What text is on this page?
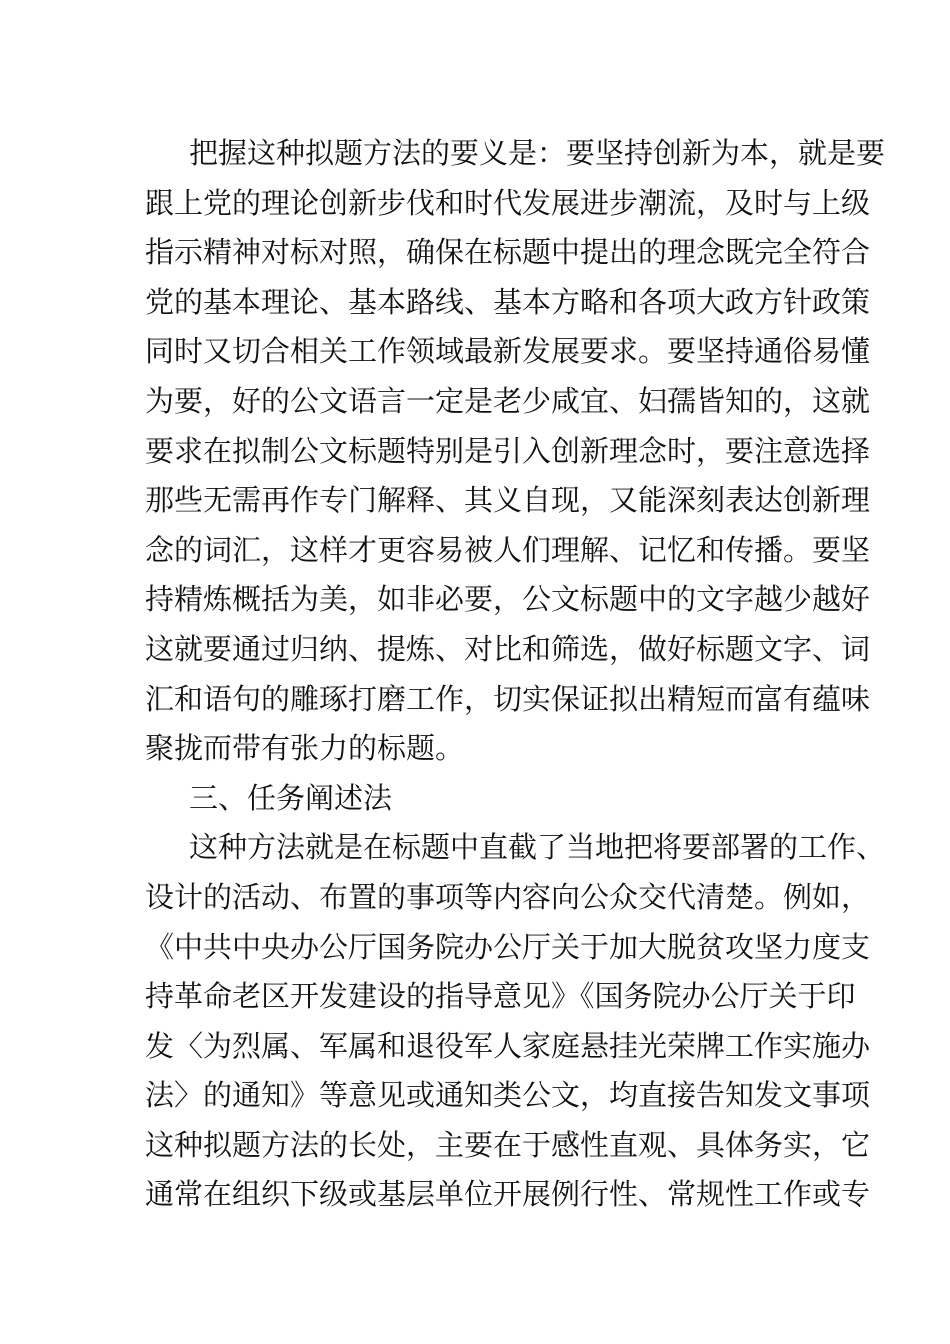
把握这种拟题方法的要义是：要坚持创新为本，就是要
跟上党的理论创新步伐和时代发展进步潮流，及时与上级
指示精神对标对照，确保在标题中提出的理念既完全符合
党的基本理论、基本路线、基本方略和各项大政方针政策
同时又切合相关工作领域最新发展要求。要坚持通俗易懂
为要，好的公文语言一定是老少咸宜、妇孺皆知的，这就
要求在拟制公文标题特别是引入创新理念时，要注意选择
那些无需再作专门解释、其义自现，又能深刻表达创新理
念的词汇，这样才更容易被人们理解、记忆和传播。要坚
持精炼概括为美，如非必要，公文标题中的文字越少越好
这就要通过归纳、提炼、对比和筛选，做好标题文字、词
汇和语句的雕琢打磨工作，切实保证拟出精短而富有蕴味
聚拢而带有张力的标题。
三、任务阐述法
这种方法就是在标题中直截了当地把将要部署的工作、
设计的活动、布置的事项等内容向公众交代清楚。例如，
《中共中央办公厅国务院办公厅关于加大脱贫攻坚力度支
持革命老区开发建设的指导意见》《国务院办公厅关于印
发〈为烈属、军属和退役军人家庭悬挂光荣牌工作实施办
法〉的通知》等意见或通知类公文，均直接告知发文事项
这种拟题方法的长处，主要在于感性直观、具体务实，它
通常在组织下级或基层单位开展例行性、常规性工作或专
